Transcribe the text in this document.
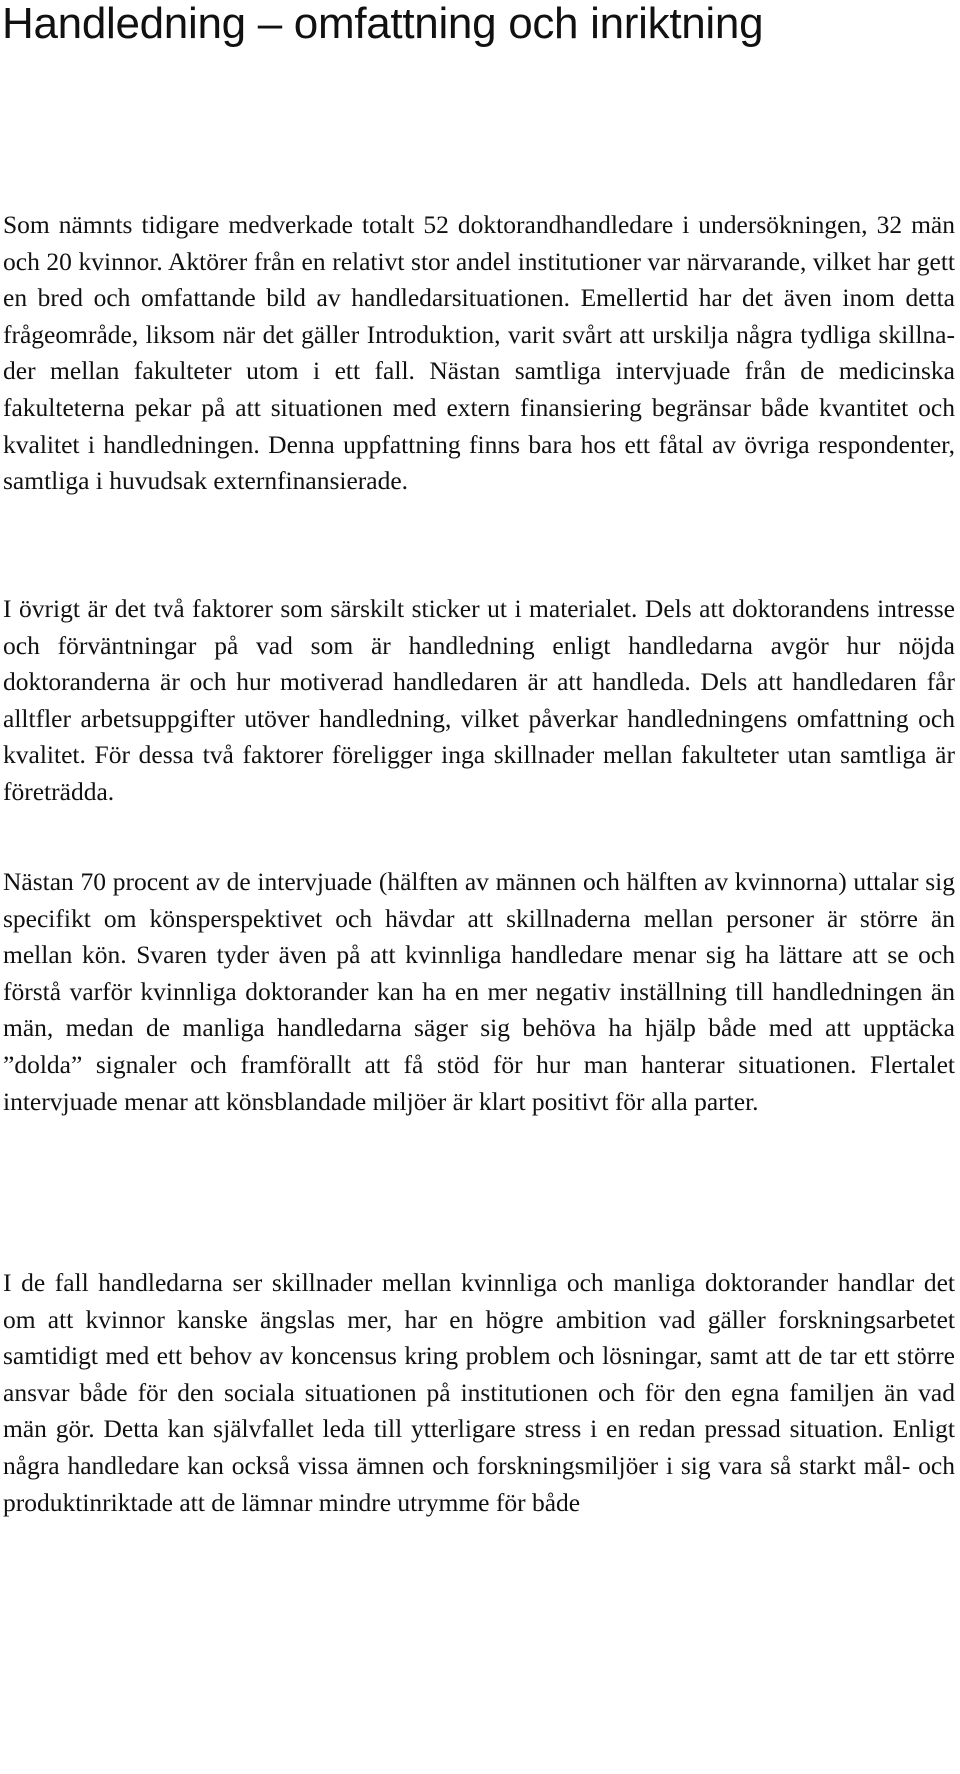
Handledning – omfattning och inriktning

Som nämnts tidigare medverkade totalt 52 doktorandhandledare i undersökningen, 32 män och 20 kvinnor. Aktörer från en relativt stor andel institutioner var närvarande, vilket har gett en bred och omfattande bild av handledarsituationen. Emellertid har det även inom detta frågeområde, liksom när det gäller Introduktion, varit svårt att urskilja några tydliga skillnader mellan fakulteter utom i ett fall. Nästan samtliga intervjuade från de medicinska fakulteterna pekar på att situationen med extern finansiering begränsar både kvantitet och kvalitet i handledningen. Denna uppfattning finns bara hos ett fåtal av övriga respondenter, samtliga i huvudsak externfinansierade.

I övrigt är det två faktorer som särskilt sticker ut i materialet. Dels att doktorandens intresse och förväntningar på vad som är handledning enligt handledarna avgör hur nöjda doktoranderna är och hur motiverad handledaren är att handleda. Dels att handledaren får alltfler arbetsuppgifter utöver handledning, vilket påverkar handledningens omfattning och kvalitet. För dessa två faktorer föreligger inga skillnader mellan fakulteter utan samtliga är företrädda.

Nästan 70 procent av de intervjuade (hälften av männen och hälften av kvinnorna) uttalar sig specifikt om könsperspektivet och hävdar att skillnaderna mellan personer är större än mellan kön. Svaren tyder även på att kvinnliga handledare menar sig ha lättare att se och förstå varför kvinnliga doktorander kan ha en mer negativ inställning till handledningen än män, medan de manliga handledarna säger sig behöva ha hjälp både med att upptäcka ”dolda” signaler och framförallt att få stöd för hur man hanterar situationen. Flertalet intervjuade menar att könsblandade miljöer är klart positivt för alla parter.

I de fall handledarna ser skillnader mellan kvinnliga och manliga doktorander handlar det om att kvinnor kanske ängslas mer, har en högre ambition vad gäller forskningsarbetet samtidigt med ett behov av koncensus kring problem och lösningar, samt att de tar ett större ansvar både för den sociala situationen på institutionen och för den egna familjen än vad män gör. Detta kan självfallet leda till ytterligare stress i en redan pressad situation. Enligt några handledare kan också vissa ämnen och forskningsmiljöer i sig vara så starkt mål- och produktinriktade att de lämnar mindre utrymme för både
